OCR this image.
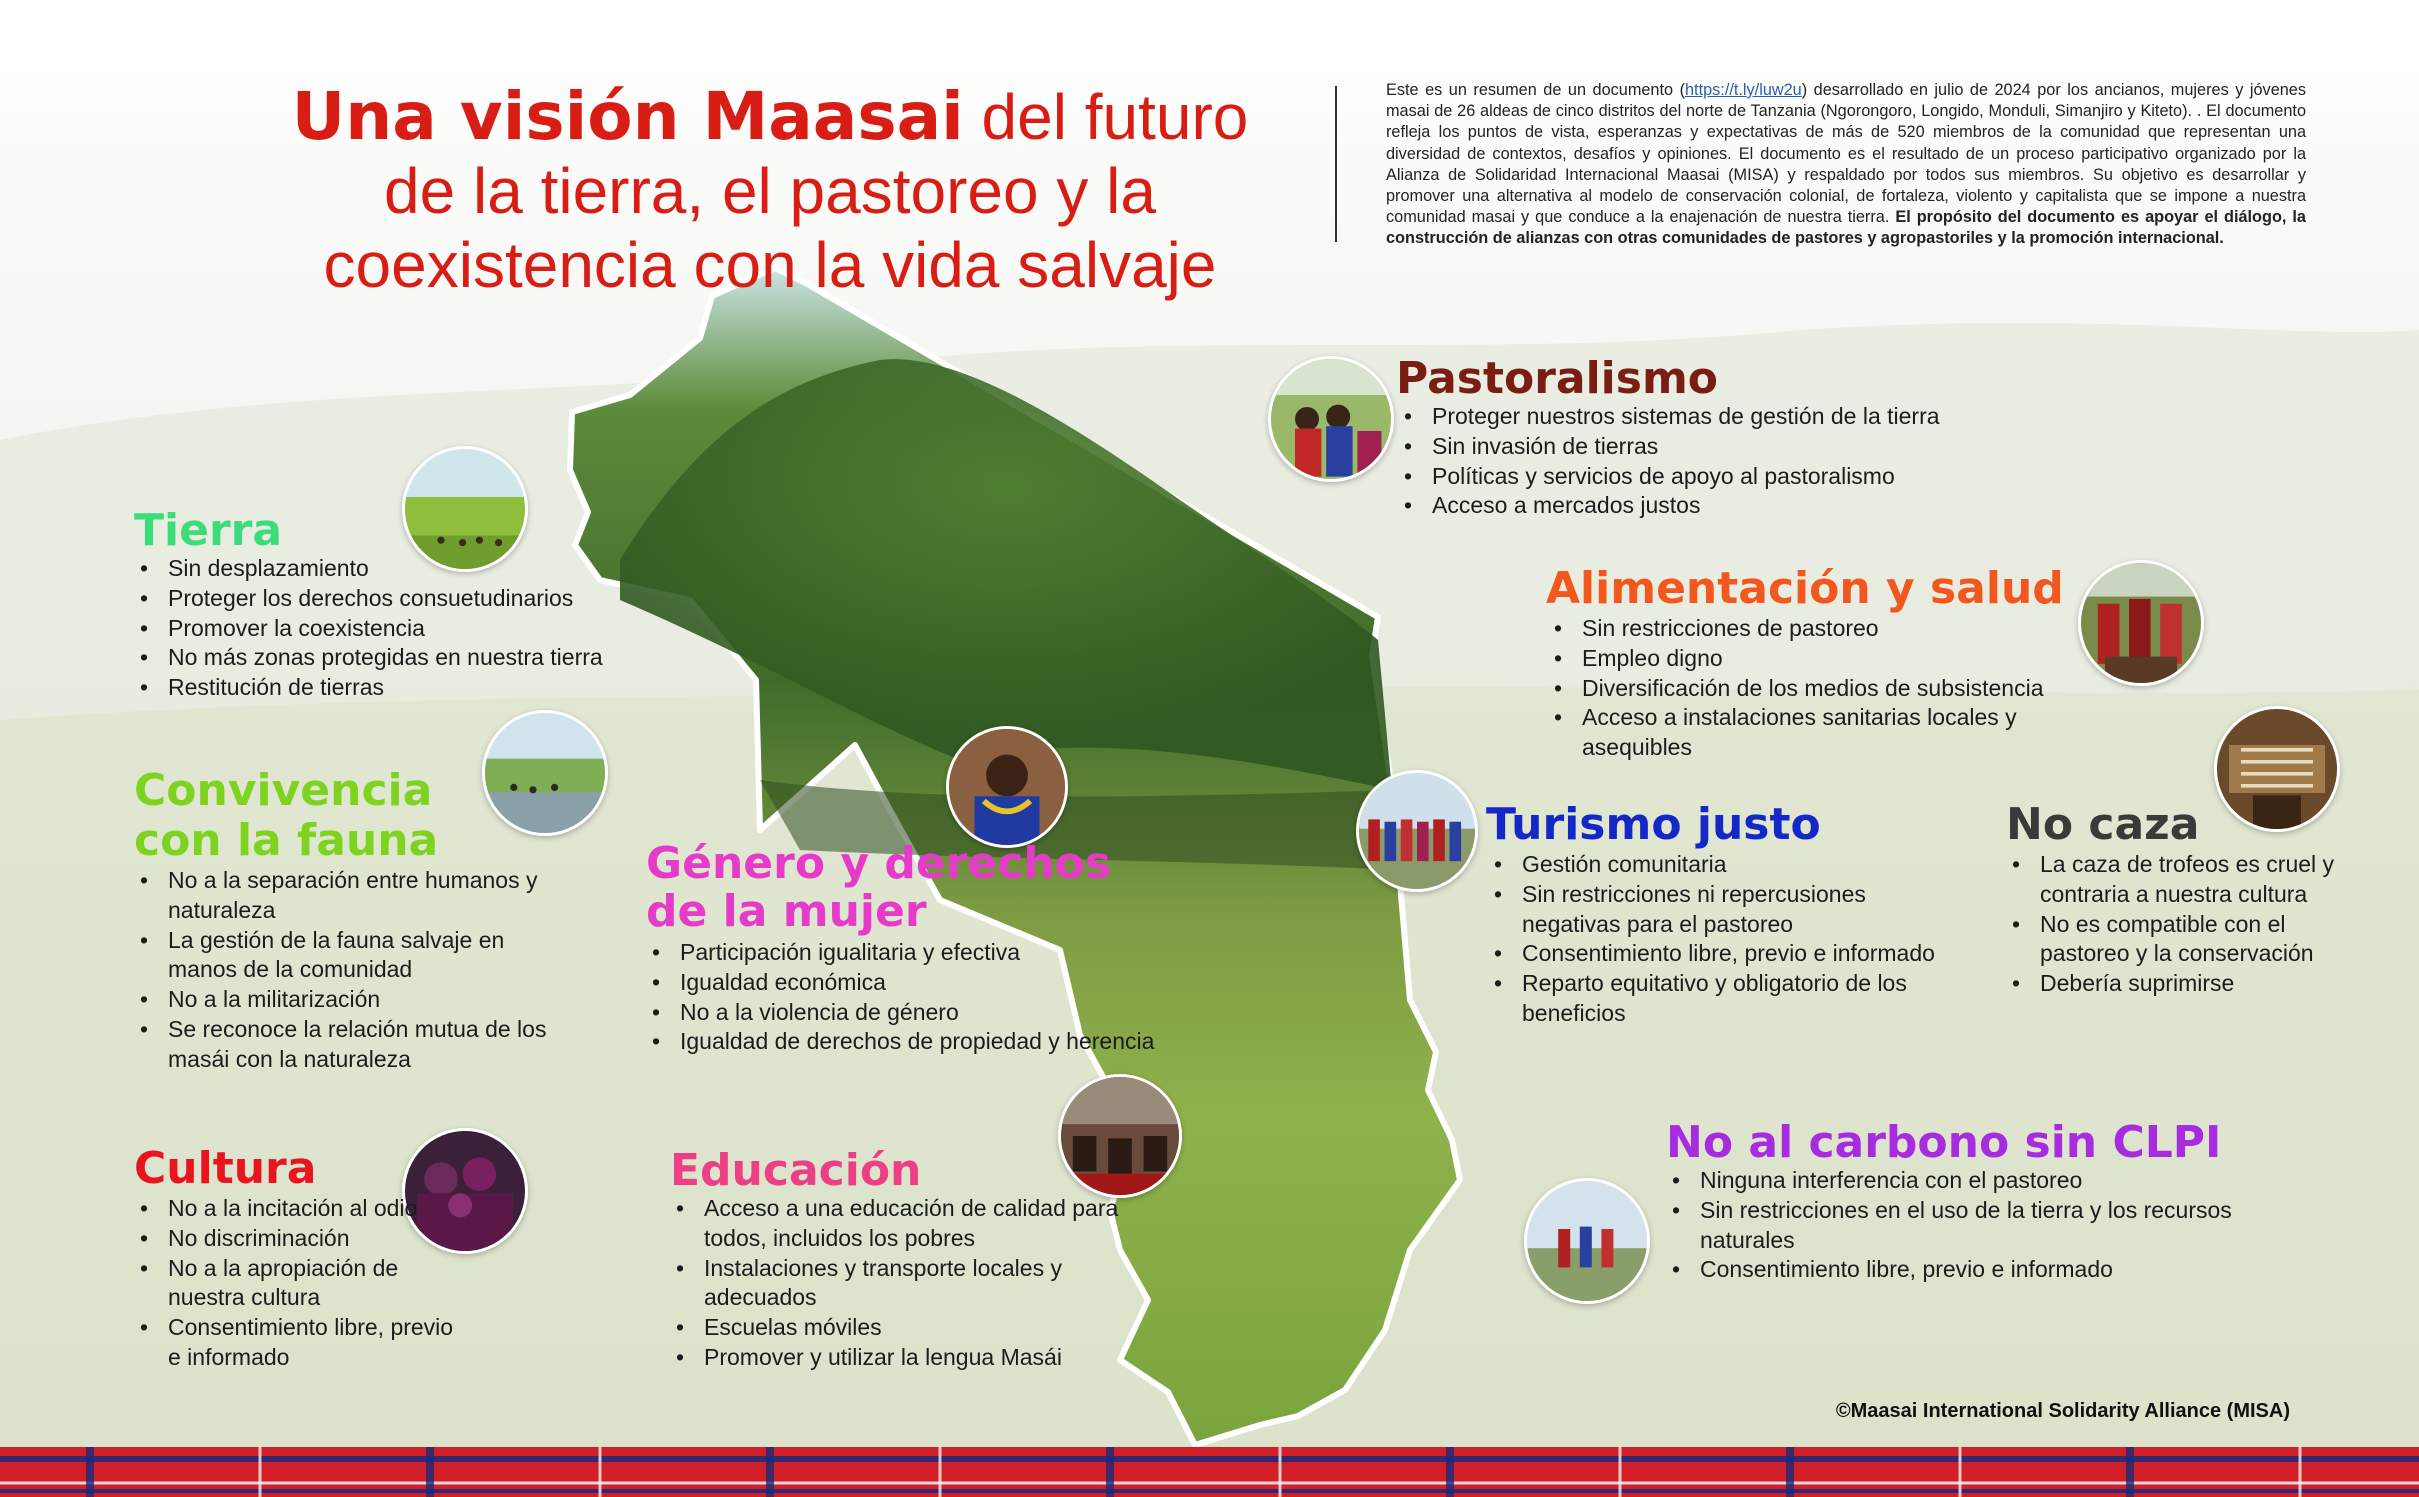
Una visión Maasai del futuro de la tierra, el pastoreo y la coexistencia con la vida salvaje
Este es un resumen de un documento (https://t.ly/luw2u) desarrollado en julio de 2024 por los ancianos, mujeres y jóvenes masai de 26 aldeas de cinco distritos del norte de Tanzania (Ngorongoro, Longido, Monduli, Simanjiro y Kiteto). . El documento refleja los puntos de vista, esperanzas y expectativas de más de 520 miembros de la comunidad que representan una diversidad de contextos, desafíos y opiniones. El documento es el resultado de un proceso participativo organizado por la Alianza de Solidaridad Internacional Maasai (MISA) y respaldado por todos sus miembros. Su objetivo es desarrollar y promover una alternativa al modelo de conservación colonial, de fortaleza, violento y capitalista que se impone a nuestra comunidad masai y que conduce a la enajenación de nuestra tierra. El propósito del documento es apoyar el diálogo, la construcción de alianzas con otras comunidades de pastores y agropastoriles y la promoción internacional.
Tierra
• Sin desplazamiento
• Proteger los derechos consuetudinarios
• Promover la coexistencia
• No más zonas protegidas en nuestra tierra
• Restitución de tierras
Convivencia
con la fauna
• No a la separación entre humanos y naturaleza
• La gestión de la fauna salvaje en manos de la comunidad
• No a la militarización
• Se reconoce la relación mutua de los masái con la naturaleza
Cultura
• No a la incitación al odio
• No discriminación
• No a la apropiación de nuestra cultura
• Consentimiento libre, previo e informado
Género y derechos
de la mujer
• Participación igualitaria y efectiva
• Igualdad económica
• No a la violencia de género
• Igualdad de derechos de propiedad y herencia
Educación
• Acceso a una educación de calidad para todos, incluidos los pobres
• Instalaciones y transporte locales y adecuados
• Escuelas móviles
• Promover y utilizar la lengua Masái
Pastoralismo
• Proteger nuestros sistemas de gestión de la tierra
• Sin invasión de tierras
• Políticas y servicios de apoyo al pastoralismo
• Acceso a mercados justos
Alimentación y salud
• Sin restricciones de pastoreo
• Empleo digno
• Diversificación de los medios de subsistencia
• Acceso a instalaciones sanitarias locales y asequibles
Turismo justo
• Gestión comunitaria
• Sin restricciones ni repercusiones negativas para el pastoreo
• Consentimiento libre, previo e informado
• Reparto equitativo y obligatorio de los beneficios
No caza
• La caza de trofeos es cruel y contraria a nuestra cultura
• No es compatible con el pastoreo y la conservación
• Debería suprimirse
No al carbono sin CLPI
• Ninguna interferencia con el pastoreo
• Sin restricciones en el uso de la tierra y los recursos naturales
• Consentimiento libre, previo e informado
©Maasai International Solidarity Alliance (MISA)
